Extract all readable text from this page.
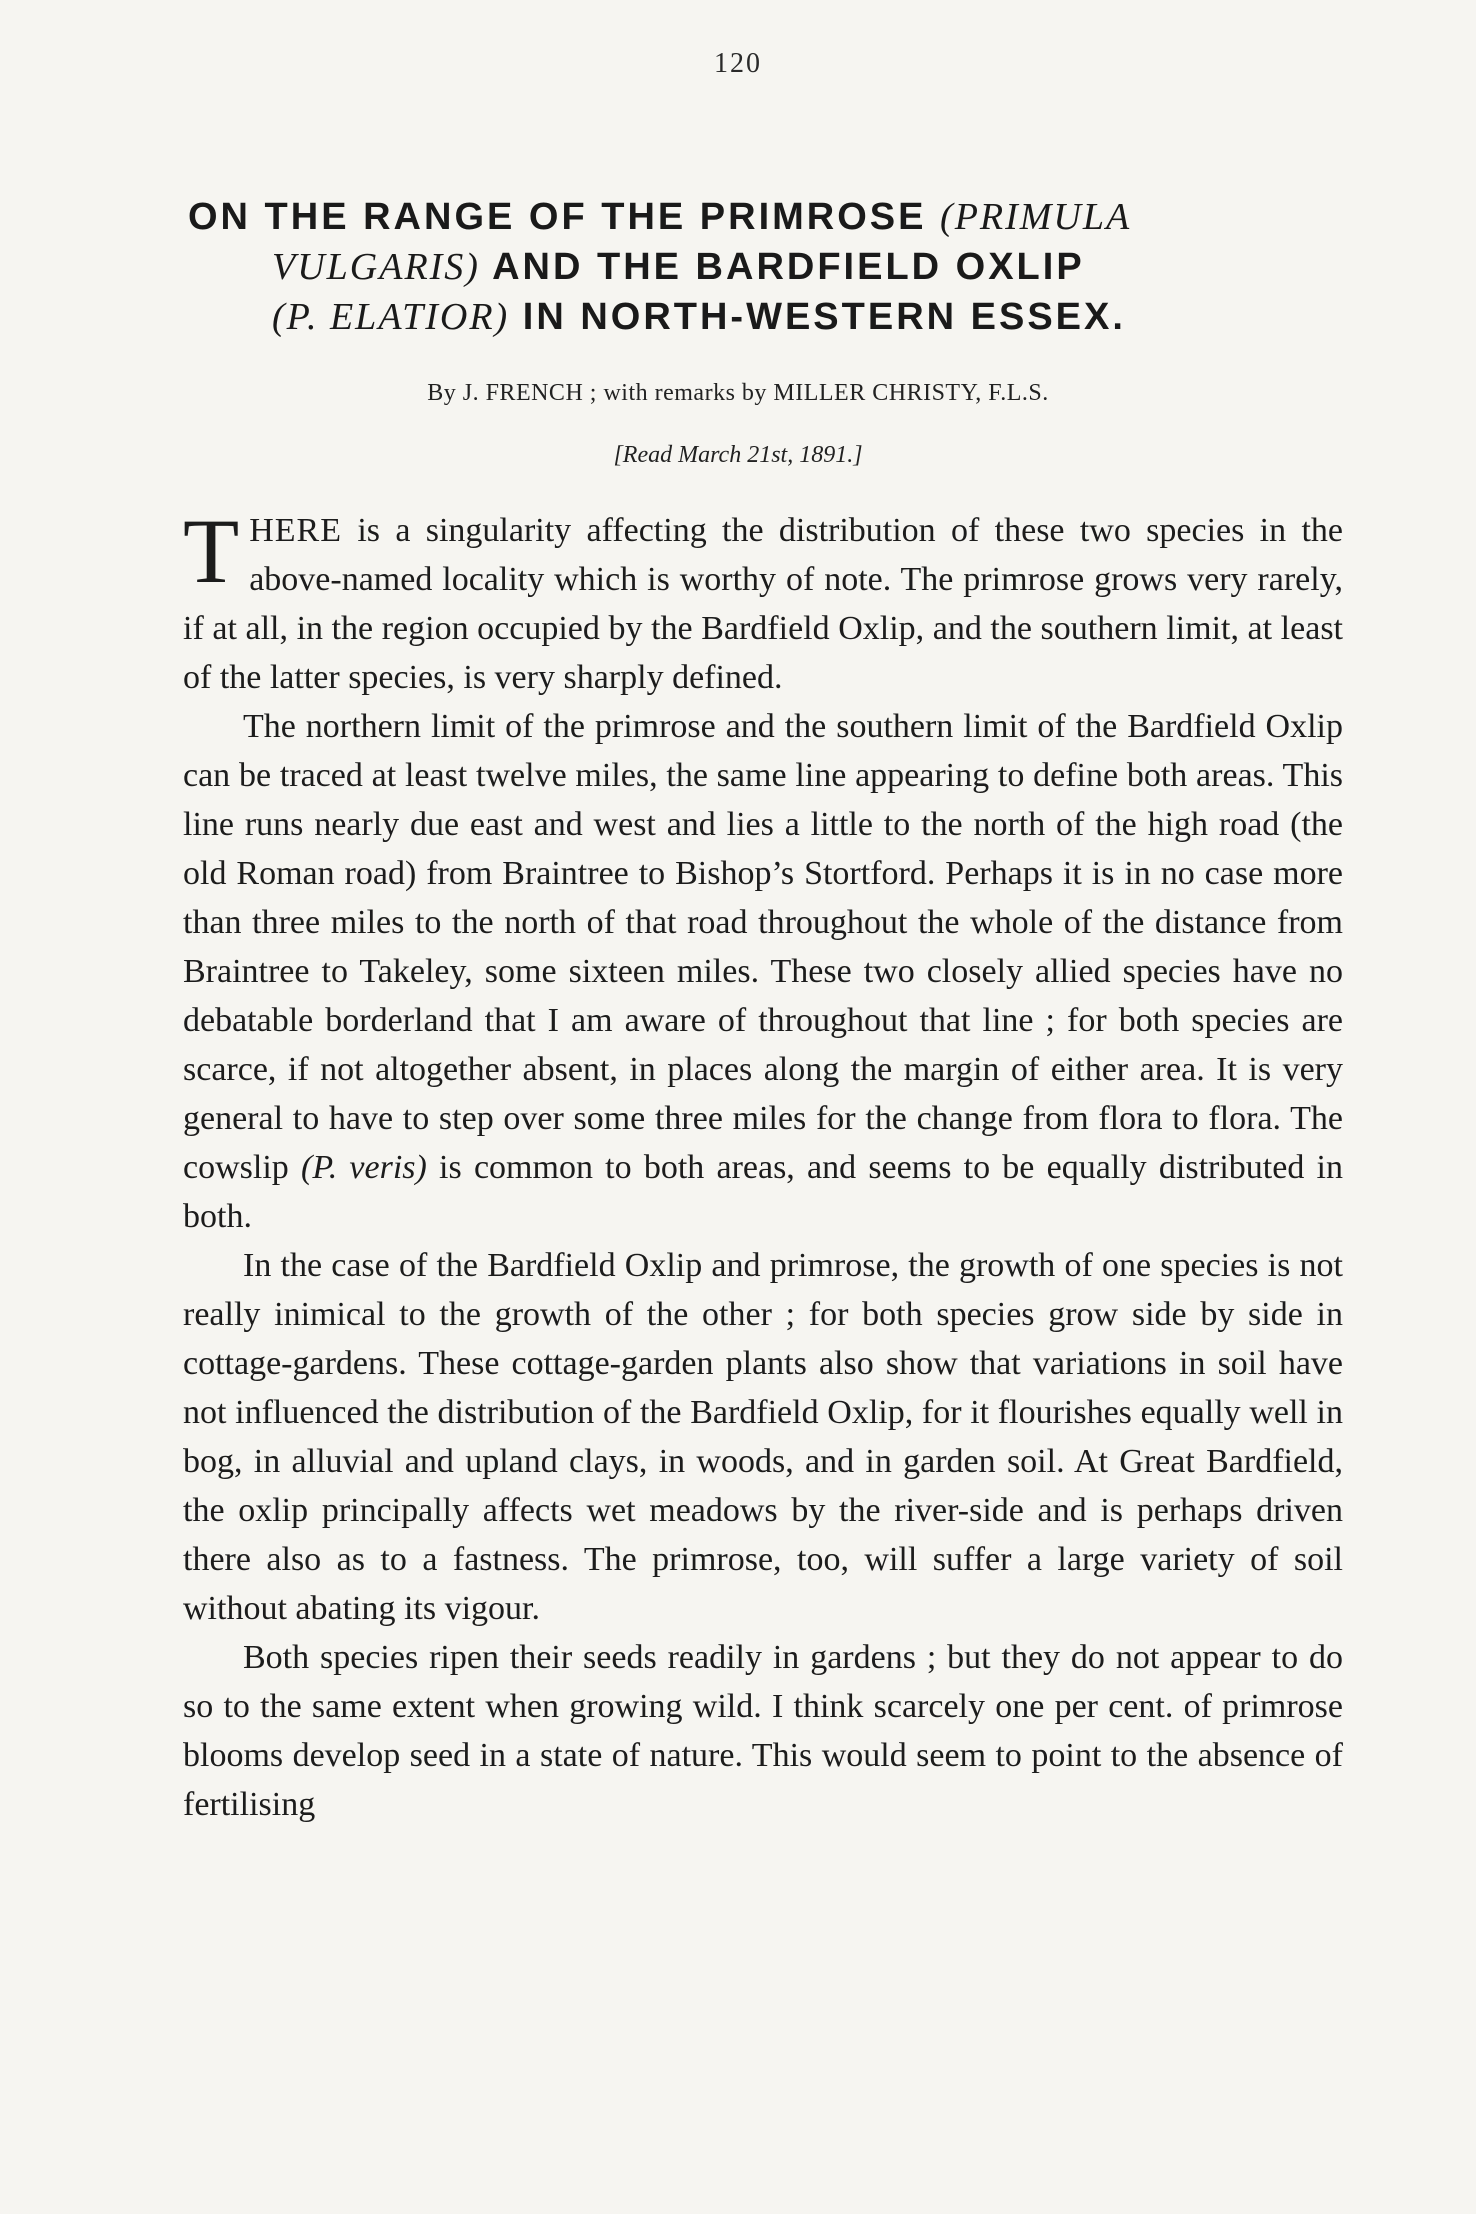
120
ON THE RANGE OF THE PRIMROSE (PRIMULA
VULGARIS) AND THE BARDFIELD OXLIP
(P. ELATIOR) IN NORTH-WESTERN ESSEX.
By J. FRENCH ; with remarks by MILLER CHRISTY, F.L.S.
[Read March 21st, 1891.]

THERE is a singularity affecting the distribution of these two species in the above-named locality which is worthy of note. The primrose grows very rarely, if at all, in the region occupied by the Bardfield Oxlip, and the southern limit, at least of the latter species, is very sharply defined.

The northern limit of the primrose and the southern limit of the Bardfield Oxlip can be traced at least twelve miles, the same line appearing to define both areas. This line runs nearly due east and west and lies a little to the north of the high road (the old Roman road) from Braintree to Bishop’s Stortford. Perhaps it is in no case more than three miles to the north of that road throughout the whole of the distance from Braintree to Takeley, some sixteen miles. These two closely allied species have no debatable borderland that I am aware of throughout that line ; for both species are scarce, if not altogether absent, in places along the margin of either area. It is very general to have to step over some three miles for the change from flora to flora. The cowslip (P. veris) is common to both areas, and seems to be equally distributed in both.

In the case of the Bardfield Oxlip and primrose, the growth of one species is not really inimical to the growth of the other ; for both species grow side by side in cottage-gardens. These cottage-garden plants also show that variations in soil have not influenced the distribution of the Bardfield Oxlip, for it flourishes equally well in bog, in alluvial and upland clays, in woods, and in garden soil. At Great Bardfield, the oxlip principally affects wet meadows by the river-side and is perhaps driven there also as to a fastness. The primrose, too, will suffer a large variety of soil without abating its vigour.

Both species ripen their seeds readily in gardens ; but they do not appear to do so to the same extent when growing wild. I think scarcely one per cent. of primrose blooms develop seed in a state of nature. This would seem to point to the absence of fertilising
